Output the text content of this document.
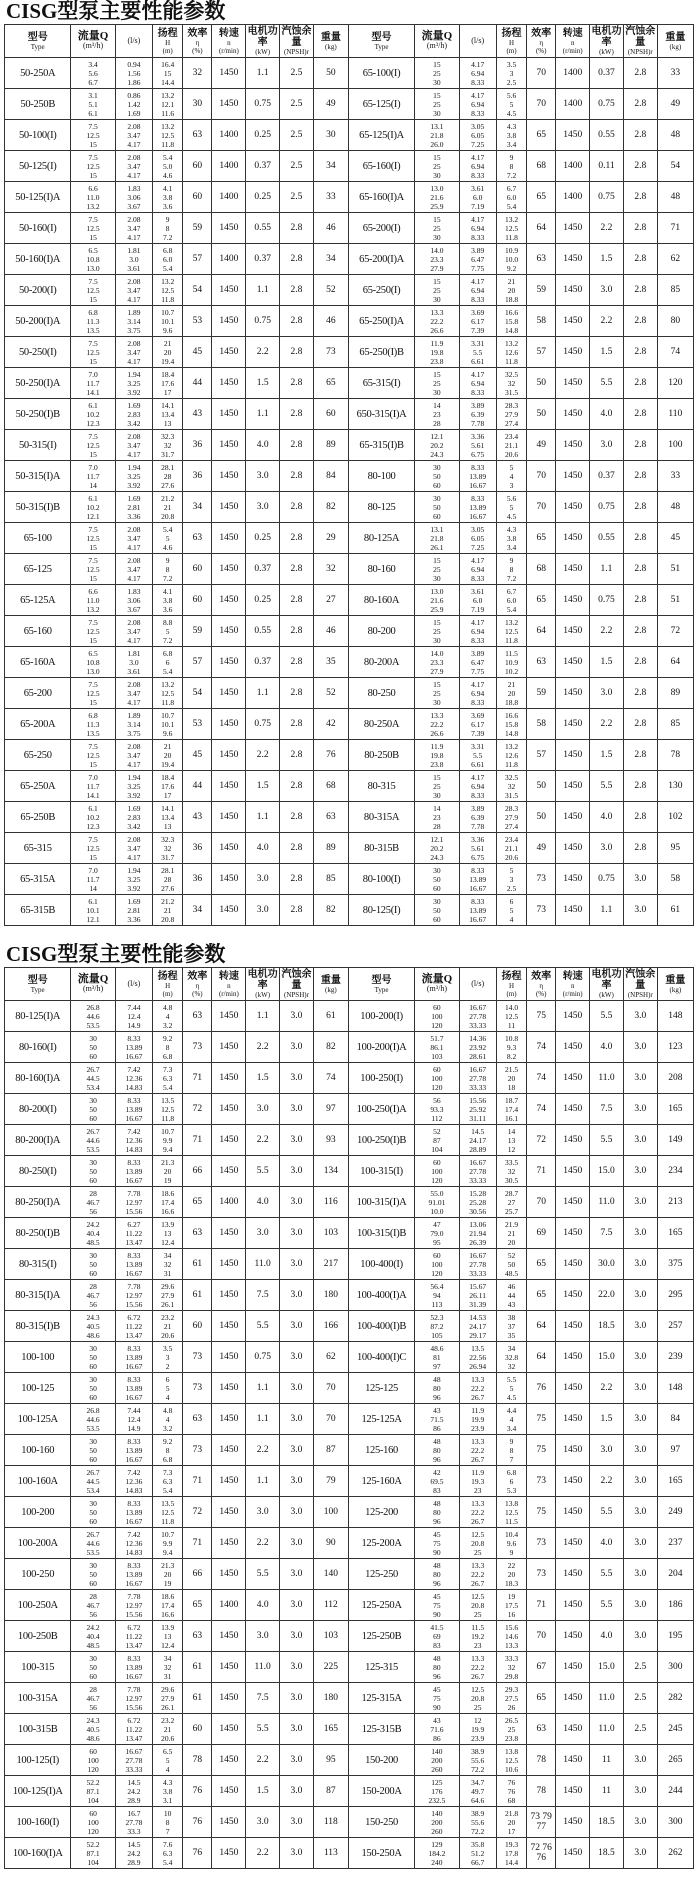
CISG型泵主要性能参数
型号
Type	流量Q
(m³/h)	(l/s)	扬程
H
(m)	效率
η
(%)	转速
n
(r/min)	电机功率
(kW)	汽蚀余量
(NPSH)r	重量
(kg)	型号
Type	流量Q
(m³/h)	(l/s)	扬程
H
(m)	效率
η
(%)	转速
n
(r/min)	电机功率
(kW)	汽蚀余量
(NPSH)r	重量
(kg)

50-250A	3.4
5.6
6.7	0.94
1.56
1.86	16.4
15
14.4	32	1450	1.1	2.5	50	65-100(I)	15
25
30	4.17
6.94
8.33	3.5
3
2.5	70	1400	0.37	2.8	33
50-250B	3.1
5.1
6.1	0.86
1.42
1.69	13.2
12.1
11.6	30	1450	0.75	2.5	49	65-125(I)	15
25
30	4.17
6.94
8.33	5.6
5
4.5	70	1400	0.75	2.8	49
50-100(I)	7.5
12.5
15	2.08
3.47
4.17	13.2
12.5
11.8	63	1400	0.25	2.5	30	65-125(I)A	13.1
21.8
26.0	3.05
6.05
7.25	4.3
3.8
3.4	65	1450	0.55	2.8	48
50-125(I)	7.5
12.5
15	2.08
3.47
4.17	5.4
5.0
4.6	60	1400	0.37	2.5	34	65-160(I)	15
25
30	4.17
6.94
8.33	9
8
7.2	68	1400	0.11	2.8	54
50-125(I)A	6.6
11.0
13.2	1.83
3.06
3.67	4.1
3.8
3.6	60	1400	0.25	2.5	33	65-160(I)A	13.0
21.6
25.9	3.61
6.0
7.19	6.7
6.0
5.4	65	1400	0.75	2.8	48
50-160(I)	7.5
12.5
15	2.08
3.47
4.17	9
8
7.2	59	1450	0.55	2.8	46	65-200(I)	15
25
30	4.17
6.94
8.33	13.2
12.5
11.8	64	1450	2.2	2.8	71
50-160(I)A	6.5
10.8
13.0	1.81
3.0
3.61	6.8
6.0
5.4	57	1400	0.37	2.8	34	65-200(I)A	14.0
23.3
27.9	3.89
6.47
7.75	10.9
10.0
9.2	63	1450	1.5	2.8	62
50-200(I)	7.5
12.5
15	2.08
3.47
4.17	13.2
12.5
11.8	54	1450	1.1	2.8	52	65-250(I)	15
25
30	4.17
6.94
8.33	21
20
18.8	59	1450	3.0	2.8	85
50-200(I)A	6.8
11.3
13.5	1.89
3.14
3.75	10.7
10.1
9.6	53	1450	0.75	2.8	46	65-250(I)A	13.3
22.2
26.6	3.69
6.17
7.39	16.6
15.8
14.8	58	1450	2.2	2.8	80
50-250(I)	7.5
12.5
15	2.08
3.47
4.17	21
20
19.4	45	1450	2.2	2.8	73	65-250(I)B	11.9
19.8
23.8	3.31
5.5
6.61	13.2
12.6
11.8	57	1450	1.5	2.8	74
50-250(I)A	7.0
11.7
14.1	1.94
3.25
3.92	18.4
17.6
17	44	1450	1.5	2.8	65	65-315(I)	15
25
30	4.17
6.94
8.33	32.5
32
31.5	50	1450	5.5	2.8	120
50-250(I)B	6.1
10.2
12.3	1.69
2.83
3.42	14.1
13.4
13	43	1450	1.1	2.8	60	650-315(I)A	14
23
28	3.89
6.39
7.78	28.3
27.9
27.4	50	1450	4.0	2.8	110
50-315(I)	7.5
12.5
15	2.08
3.47
4.17	32.3
32
31.7	36	1450	4.0	2.8	89	65-315(I)B	12.1
20.2
24.3	3.36
5.61
6.75	23.4
21.1
20.6	49	1450	3.0	2.8	100
50-315(I)A	7.0
11.7
14	1.94
3.25
3.92	28.1
28
27.6	36	1450	3.0	2.8	84	80-100	30
50
60	8.33
13.89
16.67	5
4
3	70	1450	0.37	2.8	33
50-315(I)B	6.1
10.2
12.1	1.69
2.81
3.36	21.2
21
20.8	34	1450	3.0	2.8	82	80-125	30
50
60	8.33
13.89
16.67	5.6
5
4.5	70	1450	0.75	2.8	48
65-100	7.5
12.5
15	2.08
3.47
4.17	5.4
5
4.6	63	1450	0.25	2.8	29	80-125A	13.1
21.8
26.1	3.05
6.05
7.25	4.3
3.8
3.4	65	1450	0.55	2.8	45
65-125	7.5
12.5
15	2.08
3.47
4.17	9
8
7.2	60	1450	0.37	2.8	32	80-160	15
25
30	4.17
6.94
8.33	9
8
7.2	68	1450	1.1	2.8	51
65-125A	6.6
11.0
13.2	1.83
3.06
3.67	4.1
3.8
3.6	60	1450	0.25	2.8	27	80-160A	13.0
21.6
25.9	3.61
6.0
7.19	6.7
6.0
5.4	65	1450	0.75	2.8	51
65-160	7.5
12.5
15	2.08
3.47
4.17	8.8
5
7.2	59	1450	0.55	2.8	46	80-200	15
25
30	4.17
6.94
8.33	13.2
12.5
11.8	64	1450	2.2	2.8	72
65-160A	6.5
10.8
13.0	1.81
3.0
3.61	6.8
6
5.4	57	1450	0.37	2.8	35	80-200A	14.0
23.3
27.9	3.89
6.47
7.75	11.5
10.9
10.2	63	1450	1.5	2.8	64
65-200	7.5
12.5
15	2.08
3.47
4.17	13.2
12.5
11.8	54	1450	1.1	2.8	52	80-250	15
25
30	4.17
6.94
8.33	21
20
18.8	59	1450	3.0	2.8	89
65-200A	6.8
11.3
13.5	1.89
3.14
3.75	10.7
10.1
9.6	53	1450	0.75	2.8	42	80-250A	13.3
22.2
26.6	3.69
6.17
7.39	16.6
15.8
14.8	58	1450	2.2	2.8	85
65-250	7.5
12.5
15	2.08
3.47
4.17	21
20
19.4	45	1450	2.2	2.8	76	80-250B	11.9
19.8
23.8	3.31
5.5
6.61	13.2
12.6
11.8	57	1450	1.5	2.8	78
65-250A	7.0
11.7
14.1	1.94
3.25
3.92	18.4
17.6
17	44	1450	1.5	2.8	68	80-315	15
25
30	4.17
6.94
8.33	32.5
32
31.5	50	1450	5.5	2.8	130
65-250B	6.1
10.2
12.3	1.69
2.83
3.42	14.1
13.4
13	43	1450	1.1	2.8	63	80-315A	14
23
28	3.89
6.39
7.78	28.3
27.9
27.4	50	1450	4.0	2.8	102
65-315	7.5
12.5
15	2.08
3.47
4.17	32.3
32
31.7	36	1450	4.0	2.8	89	80-315B	12.1
20.2
24.3	3.36
5.61
6.75	23.4
21.1
20.6	49	1450	3.0	2.8	95
65-315A	7.0
11.7
14	1.94
3.25
3.92	28.1
28
27.6	36	1450	3.0	2.8	85	80-100(I)	30
50
60	8.33
13.89
16.67	5
3
2.5	73	1450	0.75	3.0	58
65-315B	6.1
10.1
12.1	1.69
2.81
3.36	21.2
21
20.8	34	1450	3.0	2.8	82	80-125(I)	30
50
60	8.33
13.89
16.67	6
5
4	73	1450	1.1	3.0	61
CISG型泵主要性能参数
型号
Type	流量Q
(m³/h)	(l/s)	扬程
H
(m)	效率
η
(%)	转速
n
(r/min)	电机功率
(kW)	汽蚀余量
(NPSH)r	重量
(kg)	型号
Type	流量Q
(m³/h)	(l/s)	扬程
H
(m)	效率
η
(%)	转速
n
(r/min)	电机功率
(kW)	汽蚀余量
(NPSH)r	重量
(kg)

80-125(I)A	26.8
44.6
53.5	7.44
12.4
14.9	4.8
4
3.2	63	1450	1.1	3.0	61	100-200(I)	60
100
120	16.67
27.78
33.33	14.0
12.5
11	75	1450	5.5	3.0	148
80-160(I)	30
50
60	8.33
13.89
16.67	9.2
8
6.8	73	1450	2.2	3.0	82	100-200(I)A	51.7
86.1
103	14.36
23.92
28.61	10.8
9.3
8.2	74	1450	4.0	3.0	123
80-160(I)A	26.7
44.5
53.4	7.42
12.36
14.83	7.3
6.3
5.4	71	1450	1.5	3.0	74	100-250(I)	60
100
120	16.67
27.78
33.33	21.5
20
18	74	1450	11.0	3.0	208
80-200(I)	30
50
60	8.33
13.89
16.67	13.5
12.5
11.8	72	1450	3.0	3.0	97	100-250(I)A	56
93.3
112	15.56
25.92
31.11	18.7
17.4
16.1	74	1450	7.5	3.0	165
80-200(I)A	26.7
44.6
53.5	7.42
12.36
14.83	10.7
9.9
9.4	71	1450	2.2	3.0	93	100-250(I)B	52
87
104	14.5
24.17
28.89	14
13
12	72	1450	5.5	3.0	149
80-250(I)	30
50
60	8.33
13.89
16.67	21.3
20
19	66	1450	5.5	3.0	134	100-315(I)	60
100
120	16.67
27.78
33.33	33.5
32
30.5	71	1450	15.0	3.0	234
80-250(I)A	28
46.7
56	7.78
12.97
15.56	18.6
17.4
16.6	65	1400	4.0	3.0	116	100-315(I)A	55.0
91.01
10.0	15.28
25.28
30.56	28.7
27
25.7	70	1450	11.0	3.0	213
80-250(I)B	24.2
40.4
48.5	6.27
11.22
13.47	13.9
13
12.4	63	1450	3.0	3.0	103	100-315(I)B	47
79.0
95	13.06
21.94
26.39	21.9
21
20	69	1450	7.5	3.0	165
80-315(I)	30
50
60	8.33
13.89
16.67	34
32
31	61	1450	11.0	3.0	217	100-400(I)	60
100
120	16.67
27.78
33.33	52
50
48.5	65	1450	30.0	3.0	375
80-315(I)A	28
46.7
56	7.78
12.97
15.56	29.6
27.9
26.1	61	1450	7.5	3.0	180	100-400(I)A	56.4
94
113	15.67
26.11
31.39	46
44
43	65	1450	22.0	3.0	295
80-315(I)B	24.3
40.5
48.6	6.72
11.22
13.47	23.2
21
20.6	60	1450	5.5	3.0	166	100-400(I)B	52.3
87.2
105	14.53
24.17
29.17	38
37
35	64	1450	18.5	3.0	257
100-100	30
50
60	8.33
13.89
16.67	3.5
3
2	73	1450	0.75	3.0	62	100-400(I)C	48.6
81
97	13.5
22.56
26.94	34
32.8
32	64	1450	15.0	3.0	239
100-125	30
50
60	8.33
13.89
16.67	6
5
4	73	1450	1.1	3.0	70	125-125	48
80
96	13.3
22.2
26.7	5.5
5
4.5	76	1450	2.2	3.0	148
100-125A	26.8
44.6
53.5	7.44
12.4
14.9	4.8
4
3.2	63	1450	1.1	3.0	70	125-125A	43
71.5
86	11.9
19.9
23.9	4.4
4
3.4	75	1450	1.5	3.0	84
100-160	30
50
60	8.33
13.89
16.67	9.2
8
6.8	73	1450	2.2	3.0	87	125-160	48
80
96	13.3
22.2
26.7	9
8
7	75	1450	3.0	3.0	97
100-160A	26.7
44.5
53.4	7.42
12.36
14.83	7.3
6.3
5.4	71	1450	1.1	3.0	79	125-160A	42
69.5
83	11.9
19.3
23	6.8
6
5.3	73	1450	2.2	3.0	165
100-200	30
50
60	8.33
13.89
16.67	13.5
12.5
11.8	72	1450	3.0	3.0	100	125-200	48
80
96	13.3
22.2
26.7	13.8
12.5
11.5	75	1450	5.5	3.0	249
100-200A	26.7
44.6
53.5	7.42
12.36
14.83	10.7
9.9
9.4	71	1450	2.2	3.0	90	125-200A	45
75
90	12.5
20.8
25	10.4
9.6
9	73	1450	4.0	3.0	237
100-250	30
50
60	8.33
13.89
16.67	21.3
20
19	66	1450	5.5	3.0	140	125-250	48
80
96	13.3
22.2
26.7	22
20
18.3	73	1450	5.5	3.0	204
100-250A	28
46.7
56	7.78
12.97
15.56	18.6
17.4
16.6	65	1400	4.0	3.0	112	125-250A	45
75
90	12.5
20.8
25	19
17.5
16	71	1450	5.5	3.0	186
100-250B	24.2
40.4
48.5	6.72
11.22
13.47	13.9
13
12.4	63	1450	3.0	3.0	103	125-250B	41.5
69
83	11.5
19.2
23	15.6
14.6
13.3	70	1450	4.0	3.0	195
100-315	30
50
60	8.33
13.89
16.67	34
32
31	61	1450	11.0	3.0	225	125-315	48
80
96	13.3
22.2
26.7	33.3
32
29.8	67	1450	15.0	2.5	300
100-315A	28
46.7
56	7.78
12.97
15.56	29.6
27.9
26.1	61	1450	7.5	3.0	180	125-315A	45
75
90	12.5
20.8
25	29.3
27.5
26	65	1450	11.0	2.5	282
100-315B	24.3
40.5
48.6	6.72
11.22
13.47	23.2
21
20.6	60	1450	5.5	3.0	165	125-315B	43
71.6
86	12
19.9
23.9	26.5
25
23.8	63	1450	11.0	2.5	245
100-125(I)	60
100
120	16.67
27.78
33.33	6.5
5
4	78	1450	2.2	3.0	95	150-200	140
200
260	38.9
55.6
72.2	13.8
12.5
10.6	78	1450	11	3.0	265
100-125(I)A	52.2
87.1
104	14.5
24.2
28.9	4.3
3.8
3.1	76	1450	1.5	3.0	87	150-200A	125
176
232.5	34.7
49.7
64.6	76
76
68	78	1450	11	3.0	244
100-160(I)	60
100
120	16.7
27.78
33.3	10
8
7	76	1450	3.0	3.0	118	150-250	140
200
260	38.9
55.6
72.2	21.8
20
17	73 79 77	1450	18.5	3.0	300
100-160(I)A	52.2
87.1
104	14.5
24.2
28.9	7.6
6.3
5.4	76	1450	2.2	3.0	113	150-250A	129
184.2
240	35.8
51.2
66.7	19.3
17.8
14.4	72 76 76	1450	18.5	3.0	262
